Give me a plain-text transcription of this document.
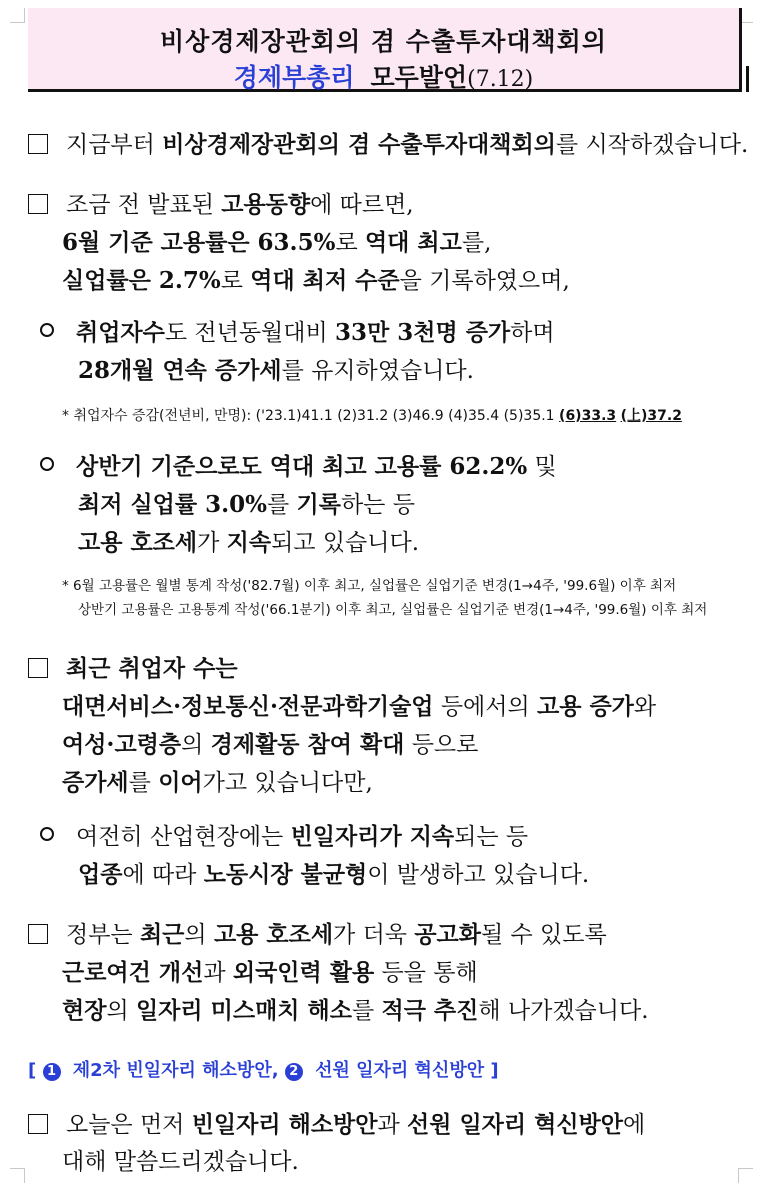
비상경제장관회의 겸 수출투자대책회의
경제부총리 모두발언(7.12)
지금부터 비상경제장관회의 겸 수출투자대책회의를 시작하겠습니다.
조금 전 발표된 고용동향에 따르면,
6월 기준 고용률은 63.5%로 역대 최고를,
실업률은 2.7%로 역대 최저 수준을 기록하였으며,
취업자수도 전년동월대비 33만 3천명 증가하며
28개월 연속 증가세를 유지하였습니다.
* 취업자수 증감(전년비, 만명): ('23.1)41.1 (2)31.2 (3)46.9 (4)35.4 (5)35.1 (6)33.3 (上)37.2
상반기 기준으로도 역대 최고 고용률 62.2% 및
최저 실업률 3.0%를 기록하는 등
고용 호조세가 지속되고 있습니다.
* 6월 고용률은 월별 통계 작성('82.7월) 이후 최고, 실업률은 실업기준 변경(1→4주, '99.6월) 이후 최저
상반기 고용률은 고용통계 작성('66.1분기) 이후 최고, 실업률은 실업기준 변경(1→4주, '99.6월) 이후 최저
최근 취업자 수는
대면서비스·정보통신·전문과학기술업 등에서의 고용 증가와
여성·고령층의 경제활동 참여 확대 등으로
증가세를 이어가고 있습니다만,
여전히 산업현장에는 빈일자리가 지속되는 등
업종에 따라 노동시장 불균형이 발생하고 있습니다.
정부는 최근의 고용 호조세가 더욱 공고화될 수 있도록
근로여건 개선과 외국인력 활용 등을 통해
현장의 일자리 미스매치 해소를 적극 추진해 나가겠습니다.
[ 1 제2차 빈일자리 해소방안, 2 선원 일자리 혁신방안 ]
오늘은 먼저 빈일자리 해소방안과 선원 일자리 혁신방안에
대해 말씀드리겠습니다.
